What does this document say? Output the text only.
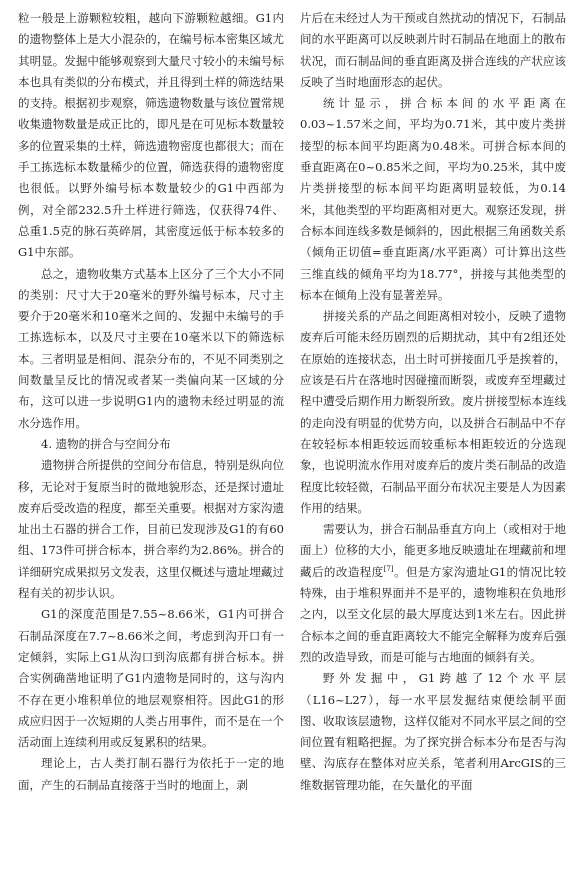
粒一般是上游颗粒较粗，越向下游颗粒越细。G1内的遗物整体上是大小混杂的，在编号标本密集区域尤其明显。发掘中能够观察到大量尺寸较小的未编号标本也具有类似的分布模式，并且得到土样的筛选结果的支持。根据初步观察，筛选遗物数量与该位置常规收集遗物数量是成正比的，即凡是在可见标本数量较多的位置采集的土样，筛选遗物密度也都很大；而在手工拣选标本数量稀少的位置，筛选获得的遗物密度也很低。以野外编号标本数量较少的G1中西部为例，对全部232.5升土样进行筛选，仅获得74件、总重1.5克的脉石英碎屑，其密度远低于标本较多的G1中东部。

总之，遗物收集方式基本上区分了三个大小不同的类别：尺寸大于20毫米的野外编号标本，尺寸主要介于20毫米和10毫米之间的、发掘中未编号的手工拣选标本，以及尺寸主要在10毫米以下的筛选标本。三者明显是相间、混杂分布的，不见不同类别之间数量呈反比的情况或者某一类偏向某一区域的分布，这可以进一步说明G1内的遗物未经过明显的流水分选作用。

4. 遗物的拼合与空间分布

遗物拼合所提供的空间分布信息，特别是纵向位移，无论对于复原当时的微地貌形态，还是探讨遗址废弃后受改造的程度，都至关重要。根据对方家沟遗址出土石器的拼合工作，目前已发现涉及G1的有60组、173件可拼合标本，拼合率约为2.86%。拼合的详细研究成果拟另文发表，这里仅概述与遗址埋藏过程有关的初步认识。

G1的深度范围是7.55~8.66米，G1内可拼合石制品深度在7.7~8.66米之间，考虑到沟开口有一定倾斜，实际上G1从沟口到沟底都有拼合标本。拼合实例确凿地证明了G1内遗物是同时的，这与沟内不存在更小堆积单位的地层观察相符。因此G1的形成应归因于一次短期的人类占用事件，而不是在一个活动面上连续利用或反复累积的结果。

理论上，古人类打制石器行为依托于一定的地面，产生的石制品直接落于当时的地面上，剥

片后在未经过人为干预或自然扰动的情况下，石制品间的水平距离可以反映剥片时石制品在地面上的散布状况，而石制品间的垂直距离及拼合连线的产状应该反映了当时地面形态的起伏。

统计显示，拼合标本间的水平距离在0.03~1.57米之间，平均为0.71米，其中废片类拼接型的标本间平均距离为0.48米。可拼合标本间的垂直距离在0~0.85米之间，平均为0.25米，其中废片类拼接型的标本间平均距离明显较低，为0.14米，其他类型的平均距离相对更大。观察还发现，拼合标本间连线多数是倾斜的，因此根据三角函数关系（倾角正切值=垂直距离/水平距离）可计算出这些三维直线的倾角平均为18.77°，拼接与其他类型的标本在倾角上没有显著差异。

拼接关系的产品之间距离相对较小，反映了遗物废弃后可能未经历剧烈的后期扰动，其中有2组还处在原始的连接状态，出土时可拼接面几乎是挨着的，应该是石片在落地时因碰撞而断裂，或废弃至埋藏过程中遭受后期作用力断裂所致。废片拼接型标本连线的走向没有明显的优势方向，以及拼合石制品中不存在较轻标本相距较远而较重标本相距较近的分选现象，也说明流水作用对废弃后的废片类石制品的改造程度比较轻微，石制品平面分布状况主要是人为因素作用的结果。

需要认为，拼合石制品垂直方向上（或相对于地面上）位移的大小，能更多地反映遗址在埋藏前和埋藏后的改造程度[7]。但是方家沟遗址G1的情况比较特殊，由于堆积界面并不是平的，遗物堆积在负地形之内，以至文化层的最大厚度达到1米左右。因此拼合标本之间的垂直距离较大不能完全解释为废弃后强烈的改造导致，而是可能与古地面的倾斜有关。

野外发掘中，G1跨越了12个水平层（L16~L27），每一水平层发掘结束便绘制平面图、收取该层遗物，这样仅能对不同水平层之间的空间位置有粗略把握。为了探究拼合标本分布是否与沟壁、沟底存在整体对应关系，笔者利用ArcGIS的三维数据管理功能，在矢量化的平面
